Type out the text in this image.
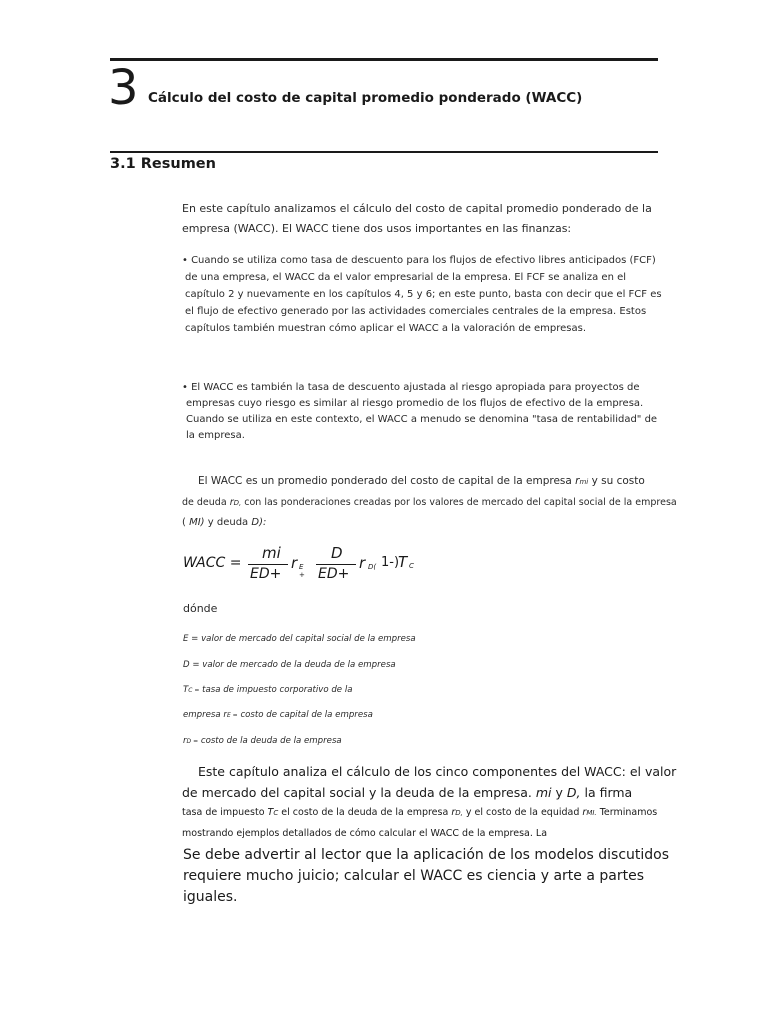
3 Cálculo del costo de capital promedio ponderado (WACC)
3.1 Resumen
En este capítulo analizamos el cálculo del costo de capital promedio ponderado de la
empresa (WACC). El WACC tiene dos usos importantes en las finanzas:
• Cuando se utiliza como tasa de descuento para los flujos de efectivo libres anticipados (FCF)
de una empresa, el WACC da el valor empresarial de la empresa. El FCF se analiza en el
capítulo 2 y nuevamente en los capítulos 4, 5 y 6; en este punto, basta con decir que el FCF es
el flujo de efectivo generado por las actividades comerciales centrales de la empresa. Estos
capítulos también muestran cómo aplicar el WACC a la valoración de empresas.
• El WACC es también la tasa de descuento ajustada al riesgo apropiada para proyectos de
empresas cuyo riesgo es similar al riesgo promedio de los flujos de efectivo de la empresa.
Cuando se utiliza en este contexto, el WACC a menudo se denomina "tasa de rentabilidad" de
la empresa.
El WACC es un promedio ponderado del costo de capital de la empresa rmi y su costo
de deuda rD, con las ponderaciones creadas por los valores de mercado del capital social de la empresa
( MI) y deuda D):
WACC =
mi
ED+
r E +
D
ED+
r D( 1-)
T C
dónde
E = valor de mercado del capital social de la empresa
D = valor de mercado de la deuda de la empresa
TC = tasa de impuesto corporativo de la
empresa rE = costo de capital de la empresa
rD = costo de la deuda de la empresa
Este capítulo analiza el cálculo de los cinco componentes del WACC: el valor
de mercado del capital social y la deuda de la empresa. mi y D, la firma
tasa de impuesto TC el costo de la deuda de la empresa rD, y el costo de la equidad rMI. Terminamos
mostrando ejemplos detallados de cómo calcular el WACC de la empresa. La
Se debe advertir al lector que la aplicación de los modelos discutidos
requiere mucho juicio; calcular el WACC es ciencia y arte a partes
iguales.
